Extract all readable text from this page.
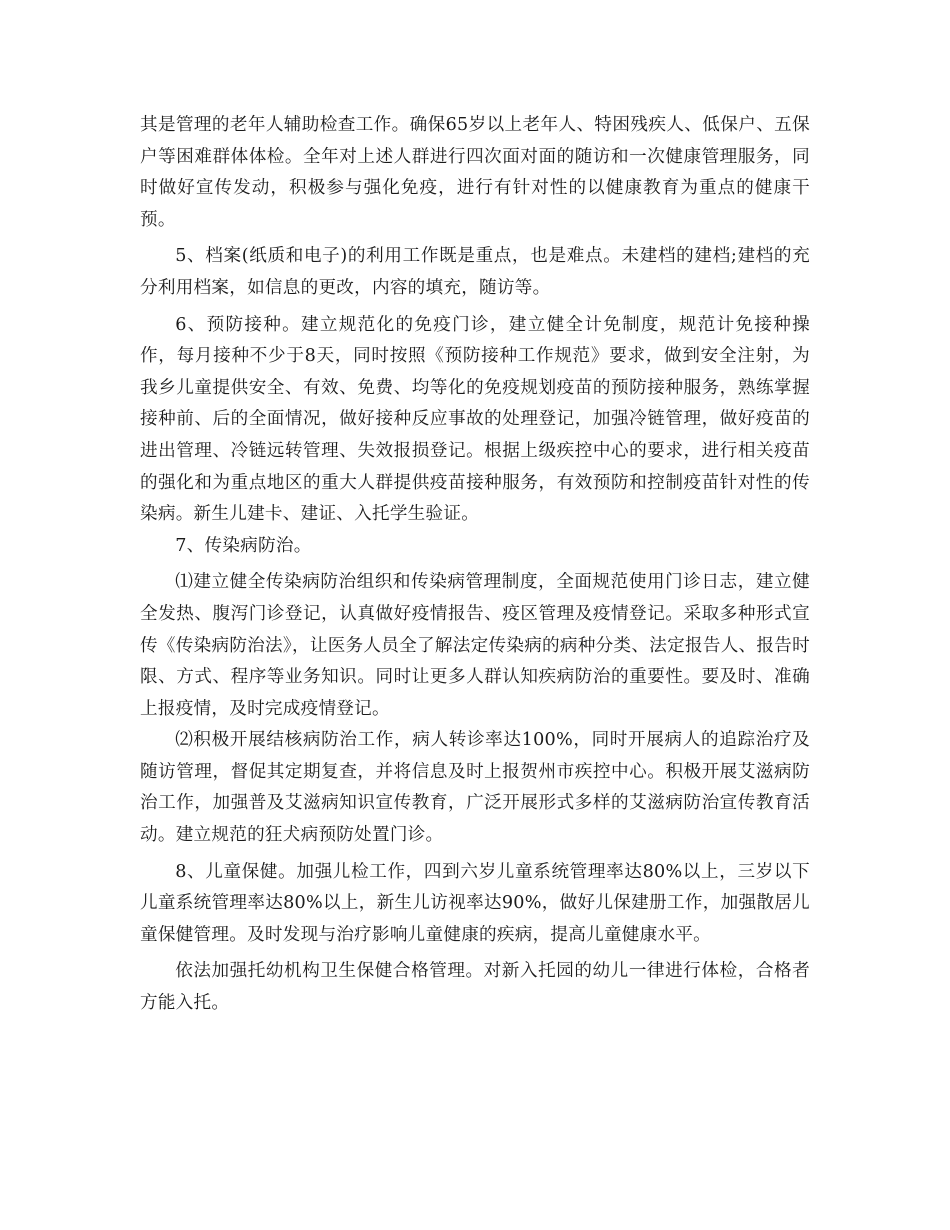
其是管理的老年人辅助检查工作。确保65岁以上老年人、特困残疾人、低保户、五保户等困难群体体检。全年对上述人群进行四次面对面的随访和一次健康管理服务，同时做好宣传发动，积极参与强化免疫，进行有针对性的以健康教育为重点的健康干预。

5、档案(纸质和电子)的利用工作既是重点，也是难点。未建档的建档;建档的充分利用档案，如信息的更改，内容的填充，随访等。

6、预防接种。建立规范化的免疫门诊，建立健全计免制度，规范计免接种操作，每月接种不少于8天，同时按照《预防接种工作规范》要求，做到安全注射，为我乡儿童提供安全、有效、免费、均等化的免疫规划疫苗的预防接种服务，熟练掌握接种前、后的全面情况，做好接种反应事故的处理登记，加强冷链管理，做好疫苗的进出管理、冷链远转管理、失效报损登记。根据上级疾控中心的要求，进行相关疫苗的强化和为重点地区的重大人群提供疫苗接种服务，有效预防和控制疫苗针对性的传染病。新生儿建卡、建证、入托学生验证。

7、传染病防治。

⑴建立健全传染病防治组织和传染病管理制度，全面规范使用门诊日志，建立健全发热、腹泻门诊登记，认真做好疫情报告、疫区管理及疫情登记。采取多种形式宣传《传染病防治法》，让医务人员全了解法定传染病的病种分类、法定报告人、报告时限、方式、程序等业务知识。同时让更多人群认知疾病防治的重要性。要及时、准确上报疫情，及时完成疫情登记。

⑵积极开展结核病防治工作，病人转诊率达100%，同时开展病人的追踪治疗及随访管理，督促其定期复查，并将信息及时上报贺州市疾控中心。积极开展艾滋病防治工作，加强普及艾滋病知识宣传教育，广泛开展形式多样的艾滋病防治宣传教育活动。建立规范的狂犬病预防处置门诊。

8、儿童保健。加强儿检工作，四到六岁儿童系统管理率达80%以上，三岁以下儿童系统管理率达80%以上，新生儿访视率达90%，做好儿保建册工作，加强散居儿童保健管理。及时发现与治疗影响儿童健康的疾病，提高儿童健康水平。

依法加强托幼机构卫生保健合格管理。对新入托园的幼儿一律进行体检，合格者方能入托。
